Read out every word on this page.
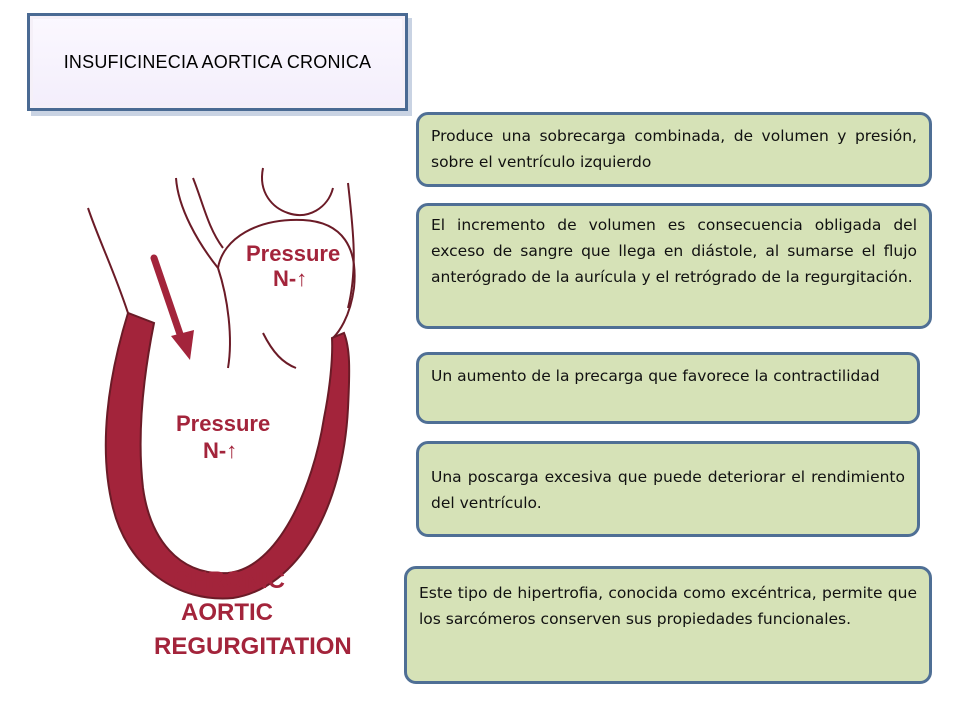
INSUFICINECIA AORTICA CRONICA
Pressure
N-↑
Pressure
N-↑
CHRONIC
AORTIC
REGURGITATION
Produce una sobrecarga combinada, de volumen y presión, sobre el ventrículo izquierdo
El incremento de volumen es consecuencia obligada del exceso de sangre que llega en diástole, al sumarse el flujo anterógrado de la aurícula y el retrógrado de la regurgitación.
Un aumento de la precarga que favorece la contractilidad
Una poscarga excesiva que puede deteriorar el rendimiento del ventrículo.
Este tipo de hipertrofia, conocida como excéntrica, permite que los sarcómeros conserven sus propiedades funcionales.
